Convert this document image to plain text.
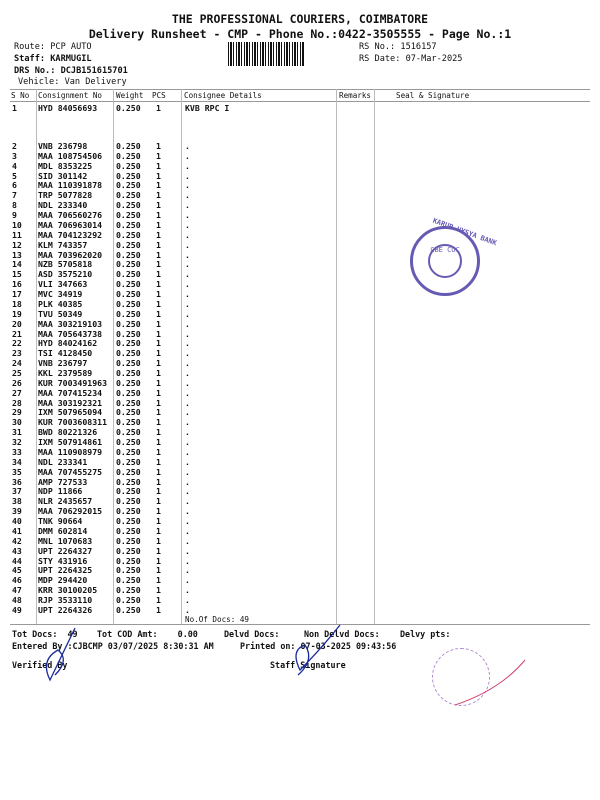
THE PROFESSIONAL COURIERS, COIMBATORE
Delivery Runsheet - CMP - Phone No.:0422-3505555 - Page No.:1
Route: PCP AUTO
Staff: KARMUGIL
DRS No.: DCJB151615701
Vehicle: Van Delivery
RS No.: 1516157
RS Date: 07-Mar-2025
S No Consignment No Weight PCS Consignee Details	Remarks	Seal & Signature
1	HYD 84056693 0.250 1	KVB RPC I
2	VNB 236798	0.250 1	.
3	MAA 108754506 0.250 1	.
4	MDL 8353225	0.250 1	.
5	SID 301142	0.250 1	.
6	MAA 110391878 0.250 1	.
7	TRP 5077828	0.250 1	.
8	NDL 233340	0.250 1	.
9	MAA 706560276 0.250 1	.
10 MAA 706963014 0.250 1	.
11 MAA 704123292 0.250 1	.
12 KLM 743357	0.250 1	.
13 MAA 703962020 0.250 1	.
14 NZB 5705818	0.250 1	.
15 ASD 3575210	0.250 1	.
16 VLI 347663	0.250 1	.
17 MVC 34919	0.250 1	.
18 PLK 40385	0.250 1	.
19 TVU 50349	0.250 1	.
20 MAA 303219103 0.250 1	.
21 MAA 705643738 0.250 1	.
22 HYD 84024162 0.250 1	.
23 TSI 4128450	0.250 1	.
24 VNB 236797	0.250 1	.
25 KKL 2379589	0.250 1	.
26 KUR 7003491963 0.250 1	.
27 MAA 707415234 0.250 1	.
28 MAA 303192321 0.250 1	.
29 IXM 507965094 0.250 1	.
30 KUR 7003608311 0.250 1	.
31 BWD 80221326 0.250 1	.
32 IXM 507914861 0.250 1	.
33 MAA 110908979 0.250 1	.
34 NDL 233341	0.250 1	.
35 MAA 707455275 0.250 1	.
36 AMP 727533	0.250 1	.
37 NDP 11866	0.250 1	.
38 NLR 2435657	0.250 1	.
39 MAA 706292015 0.250 1	.
40 TNK 90664	0.250 1	.
41 DMM 602814	0.250 1	.
42 MNL 1070683	0.250 1	.
43 UPT 2264327	0.250 1	.
44 STY 431916	0.250 1	.
45 UPT 2264325	0.250 1	.
46 MDP 294420	0.250 1	.
47 KRR 30100205 0.250 1	.
48 RJP 3533110	0.250 1	.
49 UPT 2264326	0.250 1	.
No.Of Docs: 49
KARUR VYSYA BANK
CBE COC
Tot Docs:  49 Tot COD Amt:    0.00	Delvd Docs:	Non Delvd Docs: Delvy pts:
Entered By :CJBCMP 03/07/2025 8:30:31 AM	Printed on: 07-03-2025 09:43:56
Verified By	Staff Signature
